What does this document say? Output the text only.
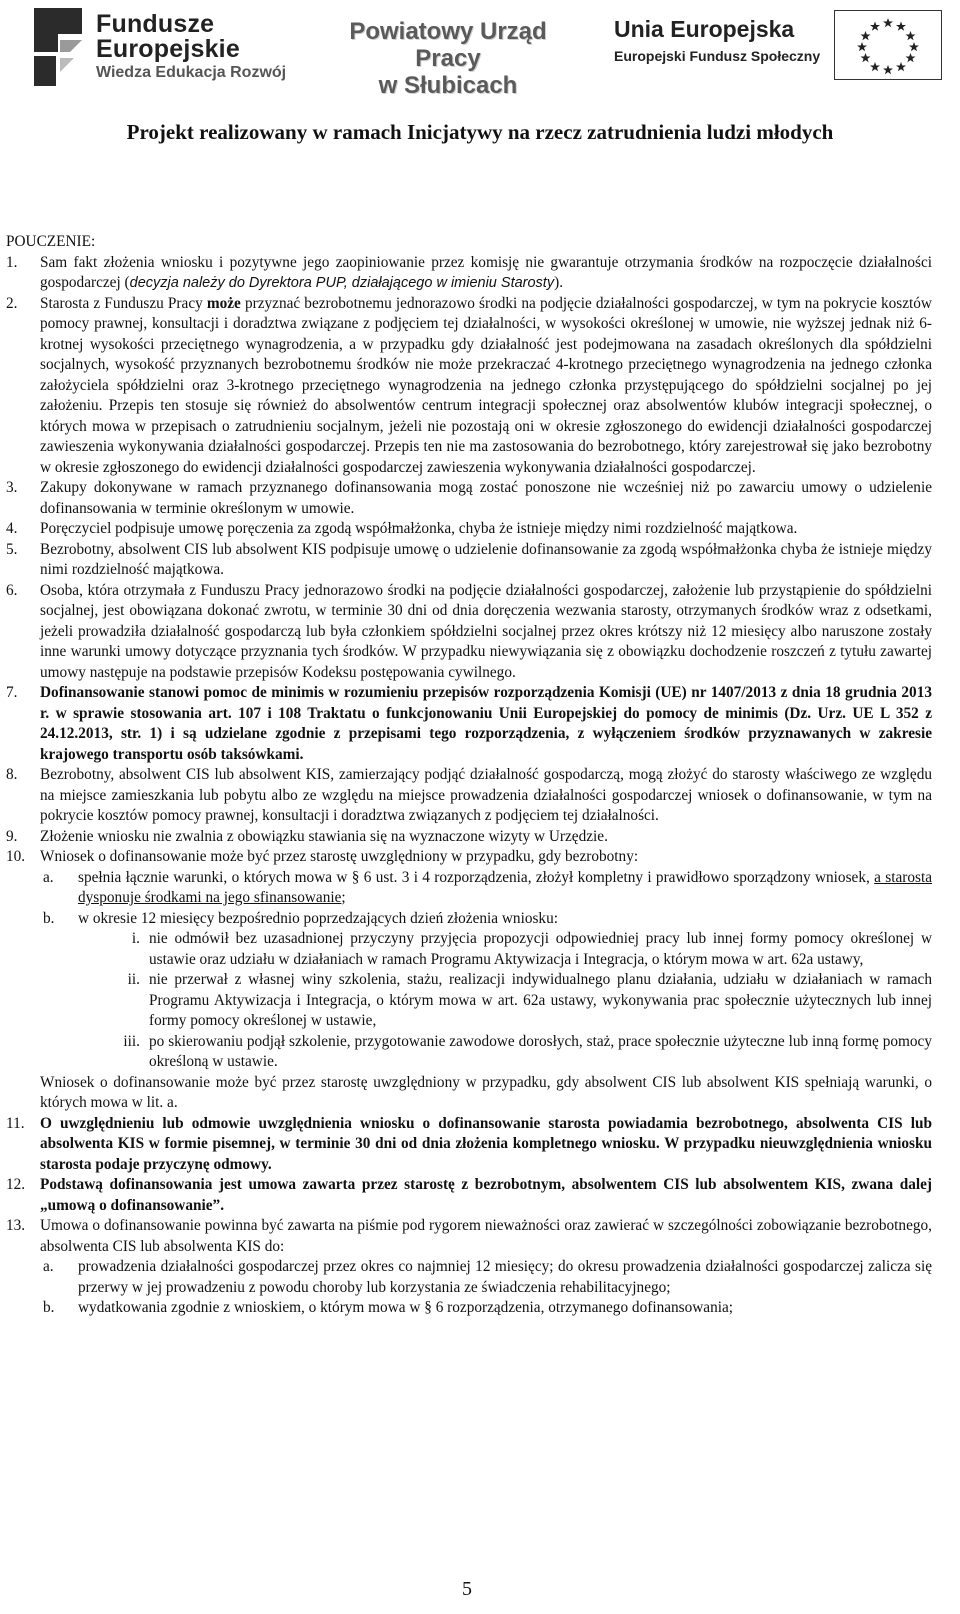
Fundusze
Europejskie
Wiedza Edukacja Rozwój
Powiatowy Urząd Pracy
w Słubicach
Unia Europejska
Europejski Fundusz Społeczny
Projekt realizowany w ramach Inicjatywy na rzecz zatrudnienia ludzi młodych

POUCZENIE:

1. Sam fakt złożenia wniosku i pozytywne jego zaopiniowanie przez komisję nie gwarantuje otrzymania środków na rozpoczęcie działalności gospodarczej (decyzja należy do Dyrektora PUP, działającego w imieniu Starosty).
2. Starosta z Funduszu Pracy może przyznać bezrobotnemu jednorazowo środki na podjęcie działalności gospodarczej, w tym na pokrycie kosztów pomocy prawnej, konsultacji i doradztwa związane z podjęciem tej działalności, w wysokości określonej w umowie, nie wyższej jednak niż 6-krotnej wysokości przeciętnego wynagrodzenia, a w przypadku gdy działalność jest podejmowana na zasadach określonych dla spółdzielni socjalnych, wysokość przyznanych bezrobotnemu środków nie może przekraczać 4-krotnego przeciętnego wynagrodzenia na jednego członka założyciela spółdzielni oraz 3-krotnego przeciętnego wynagrodzenia na jednego członka przystępującego do spółdzielni socjalnej po jej założeniu. Przepis ten stosuje się również do absolwentów centrum integracji społecznej oraz absolwentów klubów integracji społecznej, o których mowa w przepisach o zatrudnieniu socjalnym, jeżeli nie pozostają oni w okresie zgłoszonego do ewidencji działalności gospodarczej zawieszenia wykonywania działalności gospodarczej. Przepis ten nie ma zastosowania do bezrobotnego, który zarejestrował się jako bezrobotny w okresie zgłoszonego do ewidencji działalności gospodarczej zawieszenia wykonywania działalności gospodarczej.
3. Zakupy dokonywane w ramach przyznanego dofinansowania mogą zostać ponoszone nie wcześniej niż po zawarciu umowy o udzielenie dofinansowania w terminie określonym w umowie.
4. Poręczyciel podpisuje umowę poręczenia za zgodą współmałżonka, chyba że istnieje między nimi rozdzielność majątkowa.
5. Bezrobotny, absolwent CIS lub absolwent KIS podpisuje umowę o udzielenie dofinansowanie za zgodą współmałżonka chyba że istnieje między nimi rozdzielność majątkowa.
6. Osoba, która otrzymała z Funduszu Pracy jednorazowo środki na podjęcie działalności gospodarczej, założenie lub przystąpienie do spółdzielni socjalnej, jest obowiązana dokonać zwrotu, w terminie 30 dni od dnia doręczenia wezwania starosty, otrzymanych środków wraz z odsetkami, jeżeli prowadziła działalność gospodarczą lub była członkiem spółdzielni socjalnej przez okres krótszy niż 12 miesięcy albo naruszone zostały inne warunki umowy dotyczące przyznania tych środków. W przypadku niewywiązania się z obowiązku dochodzenie roszczeń z tytułu zawartej umowy następuje na podstawie przepisów Kodeksu postępowania cywilnego.
7. Dofinansowanie stanowi pomoc de minimis w rozumieniu przepisów rozporządzenia Komisji (UE) nr 1407/2013 z dnia 18 grudnia 2013 r. w sprawie stosowania art. 107 i 108 Traktatu o funkcjonowaniu Unii Europejskiej do pomocy de minimis (Dz. Urz. UE L 352 z 24.12.2013, str. 1) i są udzielane zgodnie z przepisami tego rozporządzenia, z wyłączeniem środków przyznawanych w zakresie krajowego transportu osób taksówkami.
8. Bezrobotny, absolwent CIS lub absolwent KIS, zamierzający podjąć działalność gospodarczą, mogą złożyć do starosty właściwego ze względu na miejsce zamieszkania lub pobytu albo ze względu na miejsce prowadzenia działalności gospodarczej wniosek o dofinansowanie, w tym na pokrycie kosztów pomocy prawnej, konsultacji i doradztwa związanych z podjęciem tej działalności.
9. Złożenie wniosku nie zwalnia z obowiązku stawiania się na wyznaczone wizyty w Urzędzie.
10. Wniosek o dofinansowanie może być przez starostę uwzględniony w przypadku, gdy bezrobotny:
a. spełnia łącznie warunki, o których mowa w § 6 ust. 3 i 4 rozporządzenia, złożył kompletny i prawidłowo sporządzony wniosek, a starosta dysponuje środkami na jego sfinansowanie;
b. w okresie 12 miesięcy bezpośrednio poprzedzających dzień złożenia wniosku:
i. nie odmówił bez uzasadnionej przyczyny przyjęcia propozycji odpowiedniej pracy lub innej formy pomocy określonej w ustawie oraz udziału w działaniach w ramach Programu Aktywizacja i Integracja, o którym mowa w art. 62a ustawy,
ii. nie przerwał z własnej winy szkolenia, stażu, realizacji indywidualnego planu działania, udziału w działaniach w ramach Programu Aktywizacja i Integracja, o którym mowa w art. 62a ustawy, wykonywania prac społecznie użytecznych lub innej formy pomocy określonej w ustawie,
iii. po skierowaniu podjął szkolenie, przygotowanie zawodowe dorosłych, staż, prace społecznie użyteczne lub inną formę pomocy określoną w ustawie.
Wniosek o dofinansowanie może być przez starostę uwzględniony w przypadku, gdy absolwent CIS lub absolwent KIS spełniają warunki, o których mowa w lit. a.
11. O uwzględnieniu lub odmowie uwzględnienia wniosku o dofinansowanie starosta powiadamia bezrobotnego, absolwenta CIS lub absolwenta KIS w formie pisemnej, w terminie 30 dni od dnia złożenia kompletnego wniosku. W przypadku nieuwzględnienia wniosku starosta podaje przyczynę odmowy.
12. Podstawą dofinansowania jest umowa zawarta przez starostę z bezrobotnym, absolwentem CIS lub absolwentem KIS, zwana dalej „umową o dofinansowanie”.
13. Umowa o dofinansowanie powinna być zawarta na piśmie pod rygorem nieważności oraz zawierać w szczególności zobowiązanie bezrobotnego, absolwenta CIS lub absolwenta KIS do:
a. prowadzenia działalności gospodarczej przez okres co najmniej 12 miesięcy; do okresu prowadzenia działalności gospodarczej zalicza się przerwy w jej prowadzeniu z powodu choroby lub korzystania ze świadczenia rehabilitacyjnego;
b. wydatkowania zgodnie z wnioskiem, o którym mowa w § 6 rozporządzenia, otrzymanego dofinansowania;
5
